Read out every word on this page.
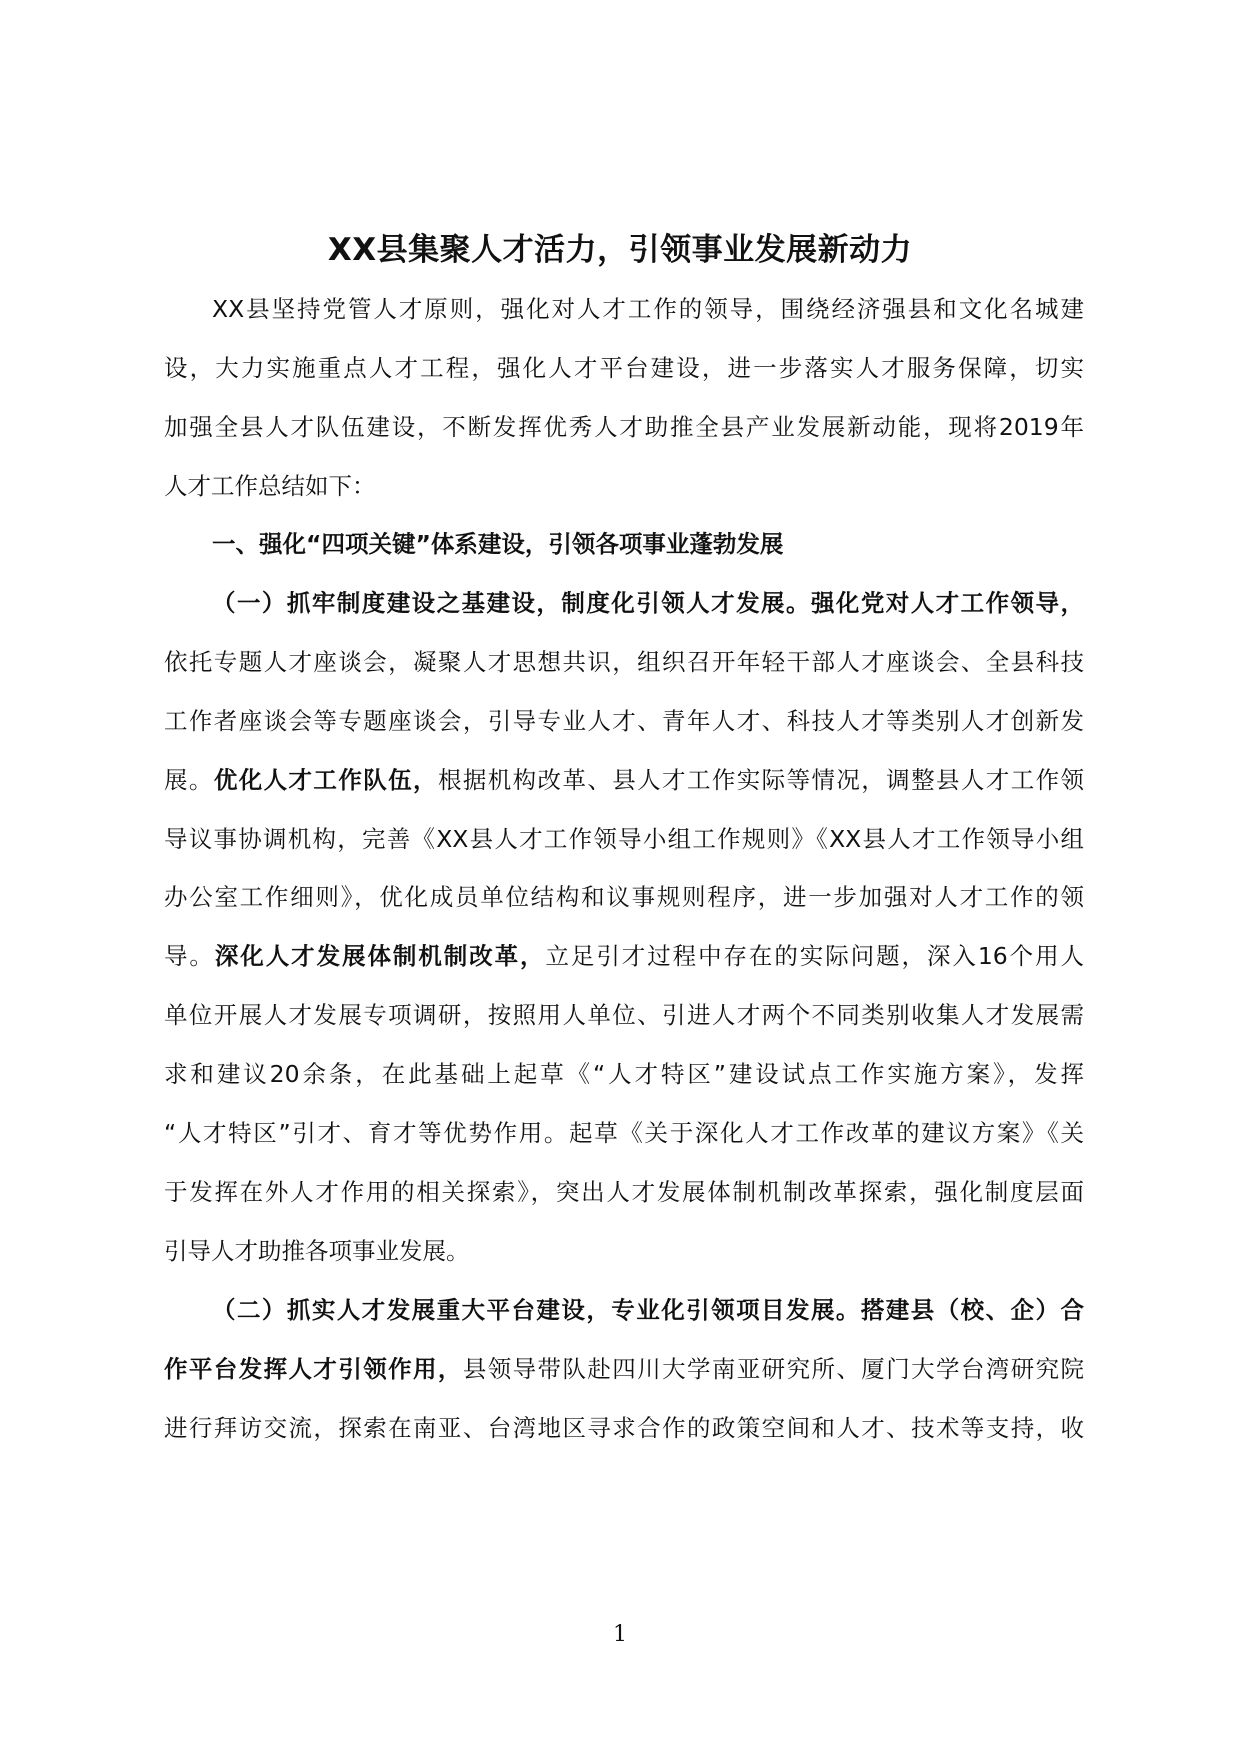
XX县集聚人才活力，引领事业发展新动力
XX县坚持党管人才原则，强化对人才工作的领导，围绕经济强县和文化名城建
设，大力实施重点人才工程，强化人才平台建设，进一步落实人才服务保障，切实
加强全县人才队伍建设，不断发挥优秀人才助推全县产业发展新动能，现将2019年
人才工作总结如下：
一、强化“四项关键”体系建设，引领各项事业蓬勃发展
（一）抓牢制度建设之基建设，制度化引领人才发展。强化党对人才工作领导，
依托专题人才座谈会，凝聚人才思想共识，组织召开年轻干部人才座谈会、全县科技
工作者座谈会等专题座谈会，引导专业人才、青年人才、科技人才等类别人才创新发
展。优化人才工作队伍，根据机构改革、县人才工作实际等情况，调整县人才工作领
导议事协调机构，完善《XX县人才工作领导小组工作规则》《XX县人才工作领导小组
办公室工作细则》，优化成员单位结构和议事规则程序，进一步加强对人才工作的领
导。深化人才发展体制机制改革，立足引才过程中存在的实际问题，深入16个用人
单位开展人才发展专项调研，按照用人单位、引进人才两个不同类别收集人才发展需
求和建议20余条，在此基础上起草《“人才特区”建设试点工作实施方案》，发挥
“人才特区”引才、育才等优势作用。起草《关于深化人才工作改革的建议方案》《关
于发挥在外人才作用的相关探索》，突出人才发展体制机制改革探索，强化制度层面
引导人才助推各项事业发展。
（二）抓实人才发展重大平台建设，专业化引领项目发展。搭建县（校、企）合
作平台发挥人才引领作用，县领导带队赴四川大学南亚研究所、厦门大学台湾研究院
进行拜访交流，探索在南亚、台湾地区寻求合作的政策空间和人才、技术等支持，收
1
